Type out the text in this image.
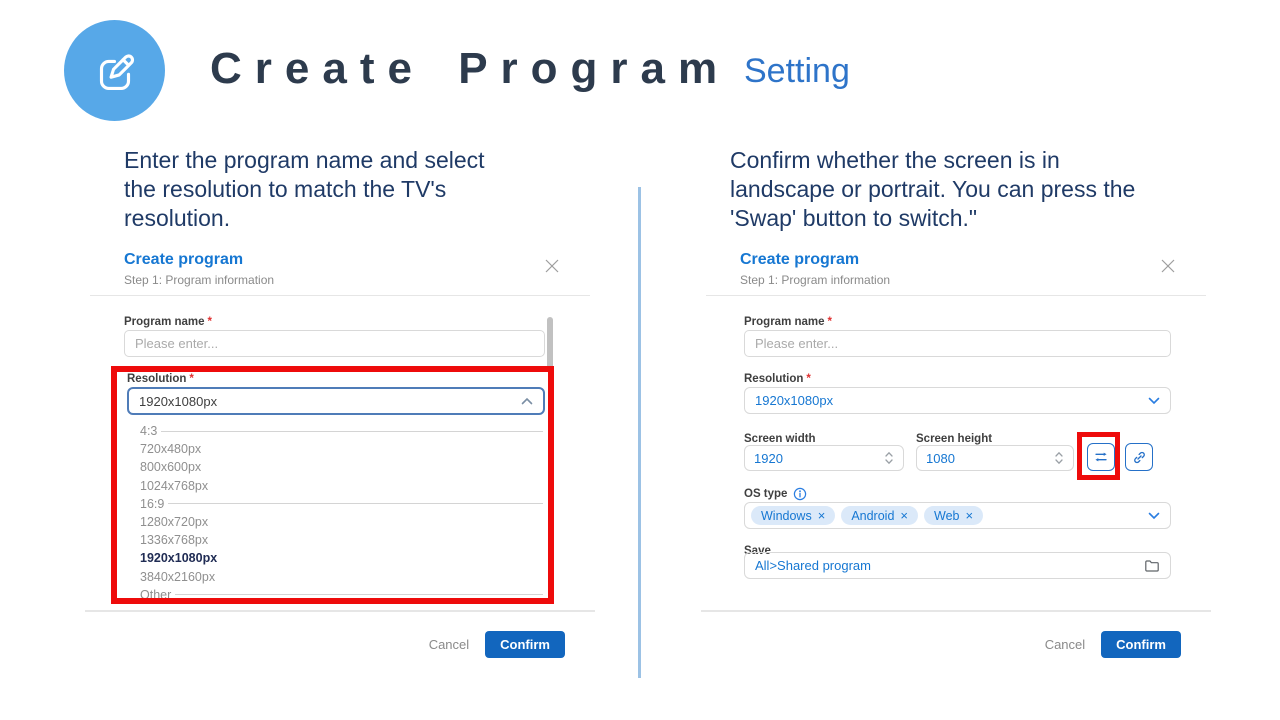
Create Program Setting
Enter the program name and select
the resolution to match the TV's
resolution.
Confirm whether the screen is in
landscape or portrait. You can press the
'Swap' button to switch."
Create program
Step 1: Program information
Program name *
Please enter...
Resolution *
1920x1080px
4:3
720x480px
800x600px
1024x768px
16:9
1280x720px
1336x768px
1920x1080px
3840x2160px
Other
Cancel	Confirm
Create program
Step 1: Program information
Program name *
Please enter...
Resolution *
1920x1080px
Screen width	Screen height
1920	1080
OS type
Windows × Android × Web ×
Save
All>Shared program
Cancel	Confirm
